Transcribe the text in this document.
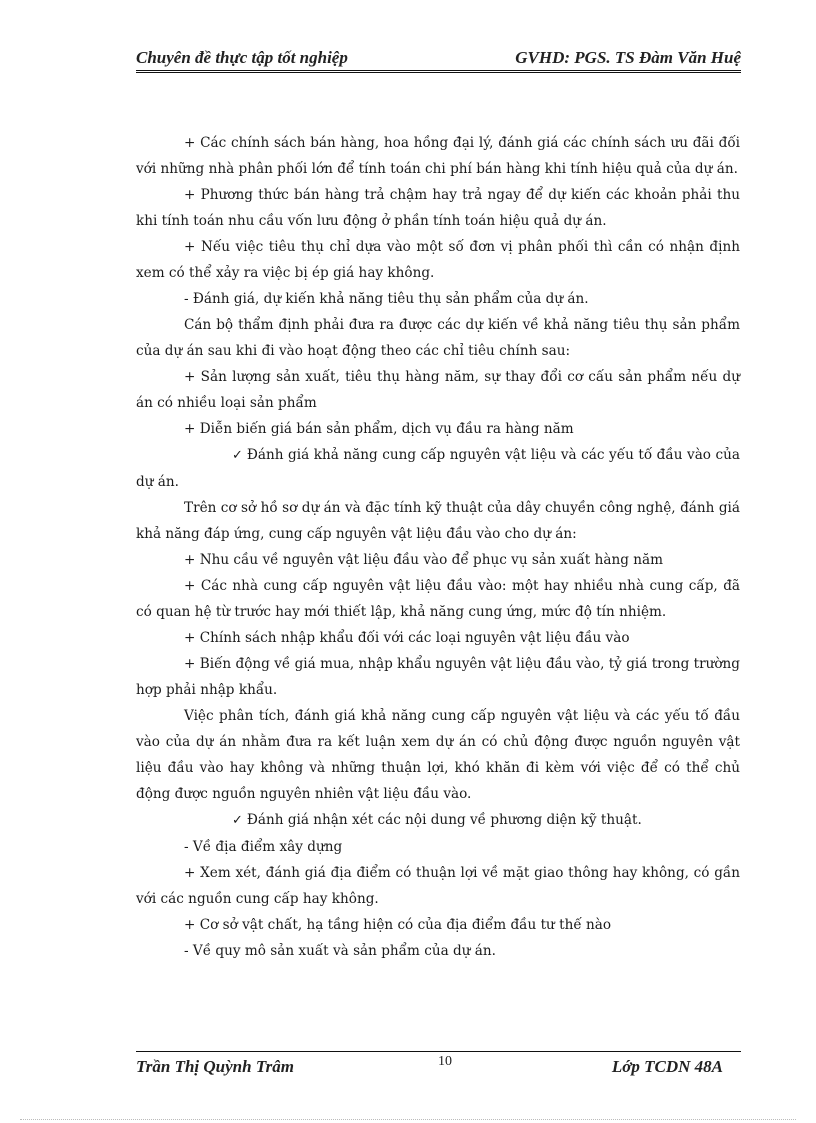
Chuyên đề thực tập tốt nghiệp	GVHD: PGS. TS Đàm Văn Huệ

+ Các chính sách bán hàng, hoa hồng đại lý, đánh giá các chính sách ưu đãi đối với những nhà phân phối lớn để tính toán chi phí bán hàng khi tính hiệu quả của dự án.

+ Phương thức bán hàng trả chậm hay trả ngay để dự kiến các khoản phải thu khi tính toán nhu cầu vốn lưu động ở phần tính toán hiệu quả dự án.

+ Nếu việc tiêu thụ chỉ dựa vào một số đơn vị phân phối thì cần có nhận định xem có thể xảy ra việc bị ép giá hay không.

- Đánh giá, dự kiến khả năng tiêu thụ sản phẩm của dự án.

Cán bộ thẩm định phải đưa ra được các dự kiến về khả năng tiêu thụ sản phẩm của dự án sau khi đi vào hoạt động theo các chỉ tiêu chính sau:

+ Sản lượng sản xuất, tiêu thụ hàng năm, sự thay đổi cơ cấu sản phẩm nếu dự án có nhiều loại sản phẩm

+ Diễn biến giá bán sản phẩm, dịch vụ đầu ra hàng năm

✓ Đánh giá khả năng cung cấp nguyên vật liệu và các yếu tố đầu vào của dự án.

Trên cơ sở hồ sơ dự án và đặc tính kỹ thuật của dây chuyền công nghệ, đánh giá khả năng đáp ứng, cung cấp nguyên vật liệu đầu vào cho dự án:

+ Nhu cầu về nguyên vật liệu đầu vào để phục vụ sản xuất hàng năm

+ Các nhà cung cấp nguyên vật liệu đầu vào: một hay nhiều nhà cung cấp, đã có quan hệ từ trước hay mới thiết lập, khả năng cung ứng, mức độ tín nhiệm.

+ Chính sách nhập khẩu đối với các loại nguyên vật liệu đầu vào

+ Biến động về giá mua, nhập khẩu nguyên vật liệu đầu vào, tỷ giá trong trường hợp phải nhập khẩu.

Việc phân tích, đánh giá khả năng cung cấp nguyên vật liệu và các yếu tố đầu vào của dự án nhằm đưa ra kết luận xem dự án có chủ động được nguồn nguyên vật liệu đầu vào hay không và những thuận lợi, khó khăn đi kèm với việc để có thể chủ động được nguồn nguyên nhiên vật liệu đầu vào.

✓ Đánh giá nhận xét các nội dung về phương diện kỹ thuật.

- Về địa điểm xây dựng

+ Xem xét, đánh giá địa điểm có thuận lợi về mặt giao thông hay không, có gần với các nguồn cung cấp hay không.

+ Cơ sở vật chất, hạ tầng hiện có của địa điểm đầu tư thế nào

- Về quy mô sản xuất và sản phẩm của dự án.

Trần Thị Quỳnh Trâm	10	Lớp TCDN 48A
